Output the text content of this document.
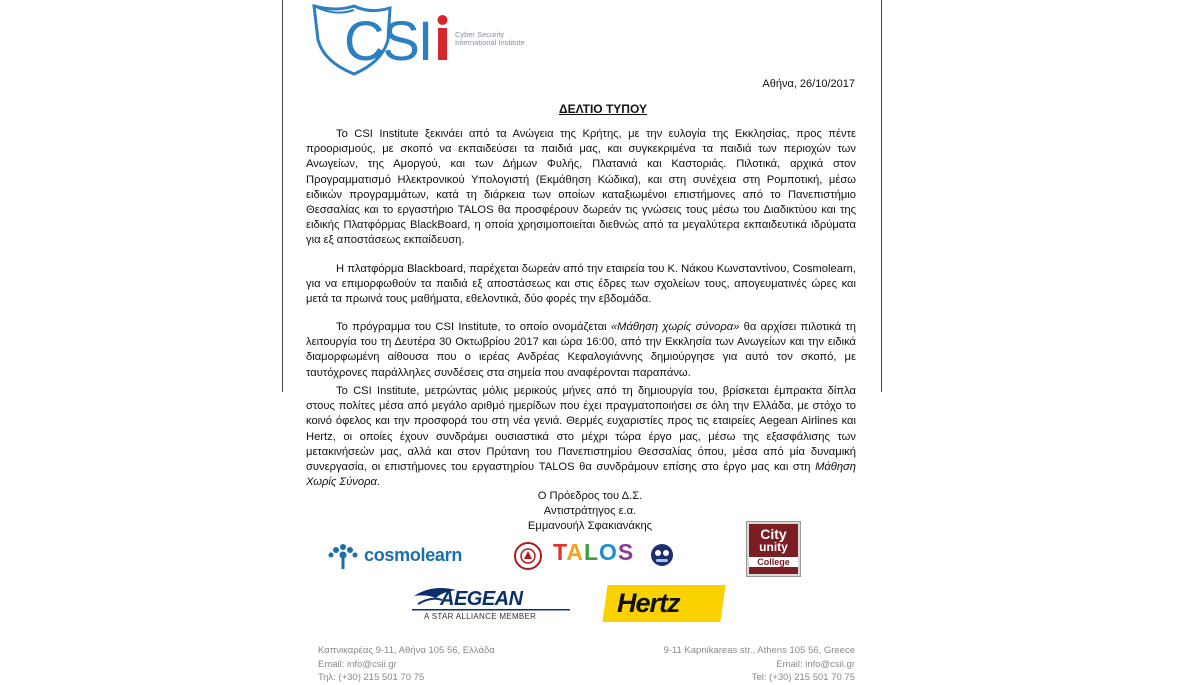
CSI	Cyber Security International Institute
Αθήνα, 26/10/2017
ΔΕΛΤΙΟ ΤΥΠΟΥ

Το CSI Institute ξεκινάει από τα Ανώγεια της Κρήτης, με την ευλογία της Εκκλησίας, προς πέντε προορισμούς, με σκοπό να εκπαιδεύσει τα παιδιά μας, και συγκεκριμένα τα παιδιά των περιοχών των Ανωγείων, της Αμοργού, και των Δήμων Φυλής, Πλατανιά και Καστοριάς. Πιλοτικά, αρχικά στον Προγραμματισμό Ηλεκτρονικού Υπολογιστή (Εκμάθηση Κώδικα), και στη συνέχεια στη Ρομποτική, μέσω ειδικών προγραμμάτων, κατά τη διάρκεια των οποίων καταξιωμένοι επιστήμονες από το Πανεπιστήμιο Θεσσαλίας και το εργαστήριο TALOS θα προσφέρουν δωρεάν τις γνώσεις τους μέσω του Διαδικτύου και της ειδικής Πλατφόρμας BlackBoard, η οποία χρησιμοποιείται διεθνώς από τα μεγαλύτερα εκπαιδευτικά ιδρύματα για εξ αποστάσεως εκπαίδευση.

Η πλατφόρμα Blackboard, παρέχεται δωρεάν από την εταιρεία του Κ. Νάκου Κωνσταντίνου, Cosmolearn, για να επιμορφωθούν τα παιδιά εξ αποστάσεως και στις έδρες των σχολείων τους, απογευματινές ώρες και μετά τα πρωινά τους μαθήματα, εθελοντικά, δύο φορές την εβδομάδα.

Το πρόγραμμα του CSI Institute, το οποίο ονομάζεται «Μάθηση χωρίς σύνορα» θα αρχίσει πιλοτικά τη λειτουργία του τη Δευτέρα 30 Οκτωβρίου 2017 και ώρα 16:00, από την Εκκλησία των Ανωγείων και την ειδικά διαμορφωμένη αίθουσα που ο ιερέας Ανδρέας Κεφαλογιάννης δημιούργησε για αυτό τον σκοπό, με ταυτόχρονες παράλληλες συνδέσεις στα σημεία που αναφέρονται παραπάνω.

Το CSI Institute, μετρώντας μόλις μερικούς μήνες από τη δημιουργία του, βρίσκεται έμπρακτα δίπλα στους πολίτες μέσα από μεγάλο αριθμό ημερίδων που έχει πραγματοποιήσει σε όλη την Ελλάδα, με στόχο το κοινό όφελος και την προσφορά του στη νέα γενιά. Θερμές ευχαριστίες προς τις εταιρείες Aegean Airlines και Hertz, οι οποίες έχουν συνδράμει ουσιαστικά στο μέχρι τώρα έργο μας, μέσω της εξασφάλισης των μετακινήσεών μας, αλλά και στον Πρύτανη του Πανεπιστημίου Θεσσαλίας όπου, μέσα από μία δυναμική συνεργασία, οι επιστήμονες του εργαστηρίου TALOS θα συνδράμουν επίσης στο έργο μας και στη Μάθηση Χωρίς Σύνορα.

Ο Πρόεδρος του Δ.Σ.
Αντιστράτηγος ε.α.
Εμμανουήλ Σφακιανάκης
cosmolearn	TALOS
City
unity
College
AEGEAN
A STAR ALLIANCE MEMBER	Hertz
Καπνικαρέας 9-11, Αθήνα 105 56, Ελλάδα
Email: info@csii.gr
Τηλ: (+30) 215 501 70 75
9-11 Kapnikareas str., Athens 105 56, Greece
Email: info@csii.gr
Tel: (+30) 215 501 70 75
